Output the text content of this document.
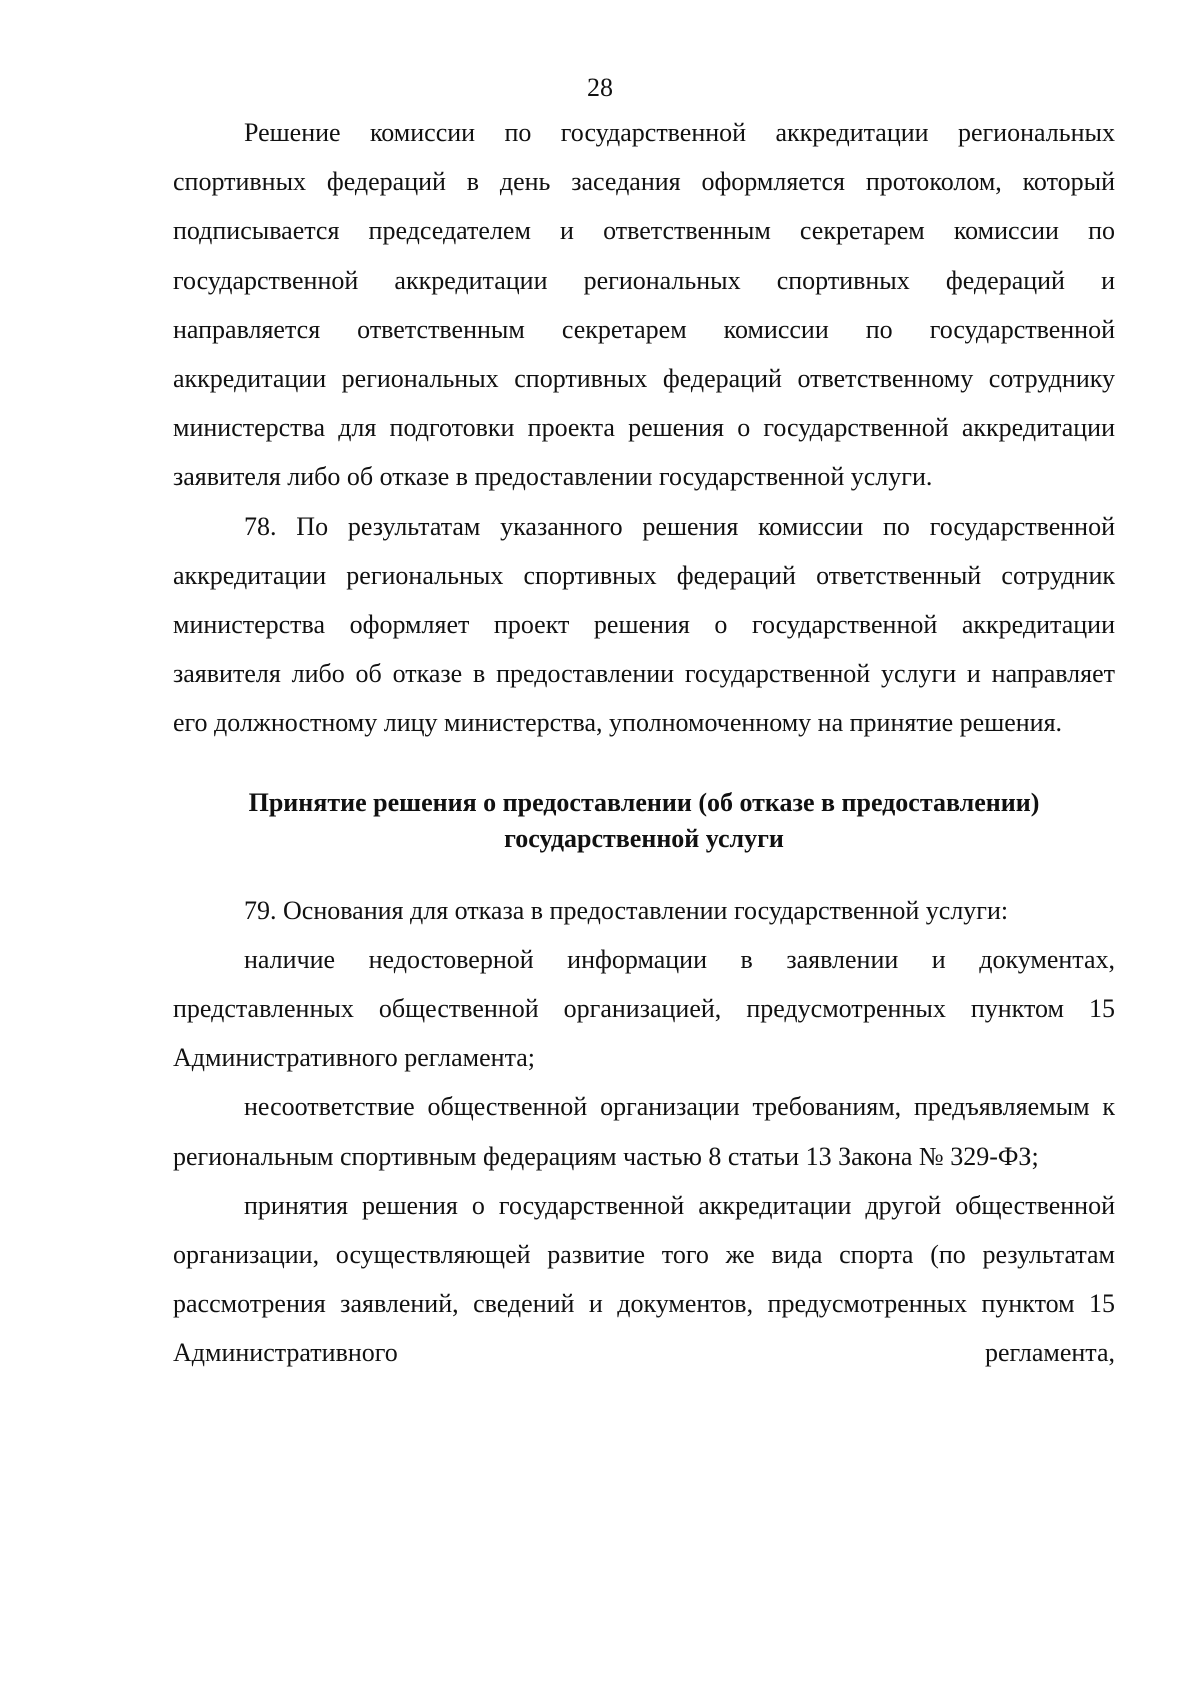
28

Решение комиссии по государственной аккредитации региональных спортивных федераций в день заседания оформляется протоколом, который подписывается председателем и ответственным секретарем комиссии по государственной аккредитации региональных спортивных федераций и направляется ответственным секретарем комиссии по государственной аккредитации региональных спортивных федераций ответственному сотруднику министерства для подготовки проекта решения о государственной аккредитации заявителя либо об отказе в предоставлении государственной услуги.

78. По результатам указанного решения комиссии по государственной аккредитации региональных спортивных федераций ответственный сотрудник министерства оформляет проект решения о государственной аккредитации заявителя либо об отказе в предоставлении государственной услуги и направляет его должностному лицу министерства, уполномоченному на принятие решения.

Принятие решения о предоставлении (об отказе в предоставлении)
государственной услуги

79. Основания для отказа в предоставлении государственной услуги:

наличие недостоверной информации в заявлении и документах, представленных общественной организацией, предусмотренных пунктом 15 Административного регламента;

несоответствие общественной организации требованиям, предъявляемым к региональным спортивным федерациям частью 8 статьи 13 Закона № 329-ФЗ;

принятия решения о государственной аккредитации другой общественной организации, осуществляющей развитие того же вида спорта (по результатам рассмотрения заявлений, сведений и документов, предусмотренных пунктом 15 Административного регламента,
